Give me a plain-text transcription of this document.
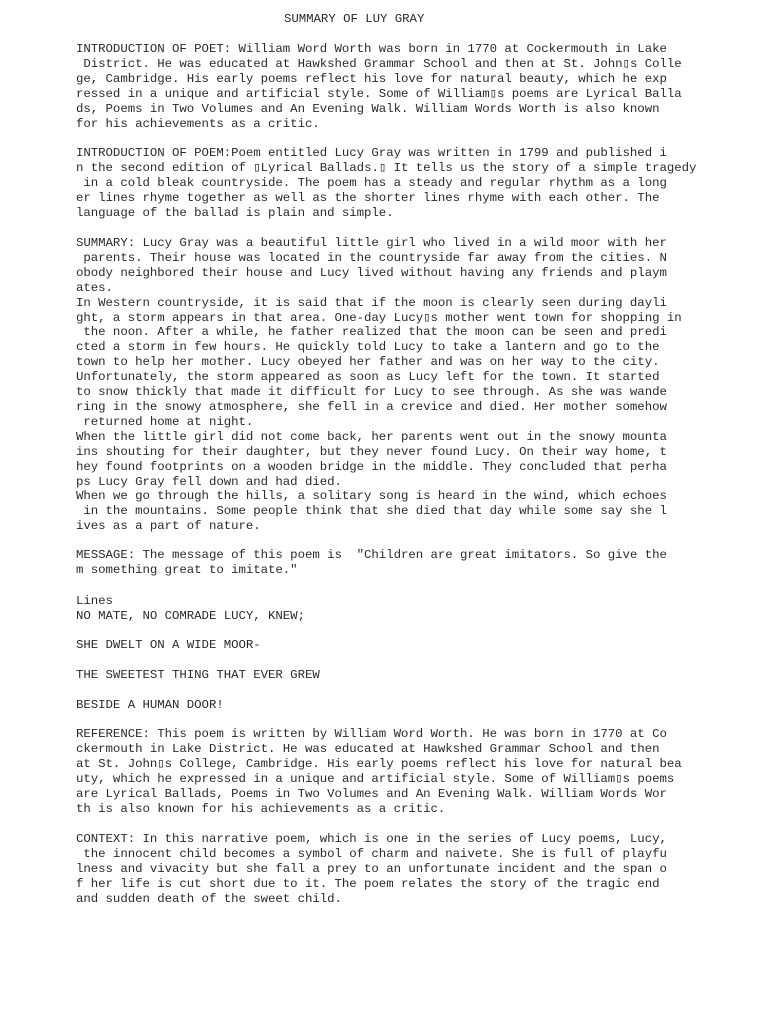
SUMMARY OF LUY GRAY

INTRODUCTION OF POET: William Word Worth was born in 1770 at Cockermouth in Lake
District. He was educated at Hawkshed Grammar School and then at St. John▯s Colle
ge, Cambridge. His early poems reflect his love for natural beauty, which he exp
ressed in a unique and artificial style. Some of William▯s poems are Lyrical Balla
ds, Poems in Two Volumes and An Evening Walk. William Words Worth is also known
for his achievements as a critic.

INTRODUCTION OF POEM:Poem entitled Lucy Gray was written in 1799 and published i
n the second edition of ▯Lyrical Ballads.▯ It tells us the story of a simple tragedy
in a cold bleak countryside. The poem has a steady and regular rhythm as a long
er lines rhyme together as well as the shorter lines rhyme with each other. The
language of the ballad is plain and simple.

SUMMARY: Lucy Gray was a beautiful little girl who lived in a wild moor with her
parents. Their house was located in the countryside far away from the cities. N
obody neighbored their house and Lucy lived without having any friends and playm
ates.
In Western countryside, it is said that if the moon is clearly seen during dayli
ght, a storm appears in that area. One-day Lucy▯s mother went town for shopping in
the noon. After a while, he father realized that the moon can be seen and predi
cted a storm in few hours. He quickly told Lucy to take a lantern and go to the
town to help her mother. Lucy obeyed her father and was on her way to the city.
Unfortunately, the storm appeared as soon as Lucy left for the town. It started
to snow thickly that made it difficult for Lucy to see through. As she was wande
ring in the snowy atmosphere, she fell in a crevice and died. Her mother somehow
returned home at night.
When the little girl did not come back, her parents went out in the snowy mounta
ins shouting for their daughter, but they never found Lucy. On their way home, t
hey found footprints on a wooden bridge in the middle. They concluded that perha
ps Lucy Gray fell down and had died.
When we go through the hills, a solitary song is heard in the wind, which echoes
in the mountains. Some people think that she died that day while some say she l
ives as a part of nature.

MESSAGE: The message of this poem is  "Children are great imitators. So give the
m something great to imitate."

Lines
NO MATE, NO COMRADE LUCY, KNEW;

SHE DWELT ON A WIDE MOOR-

THE SWEETEST THING THAT EVER GREW

BESIDE A HUMAN DOOR!

REFERENCE: This poem is written by William Word Worth. He was born in 1770 at Co
ckermouth in Lake District. He was educated at Hawkshed Grammar School and then
at St. John▯s College, Cambridge. His early poems reflect his love for natural bea
uty, which he expressed in a unique and artificial style. Some of William▯s poems
are Lyrical Ballads, Poems in Two Volumes and An Evening Walk. William Words Wor
th is also known for his achievements as a critic.

CONTEXT: In this narrative poem, which is one in the series of Lucy poems, Lucy,
the innocent child becomes a symbol of charm and naivete. She is full of playfu
lness and vivacity but she fall a prey to an unfortunate incident and the span o
f her life is cut short due to it. The poem relates the story of the tragic end
and sudden death of the sweet child.
